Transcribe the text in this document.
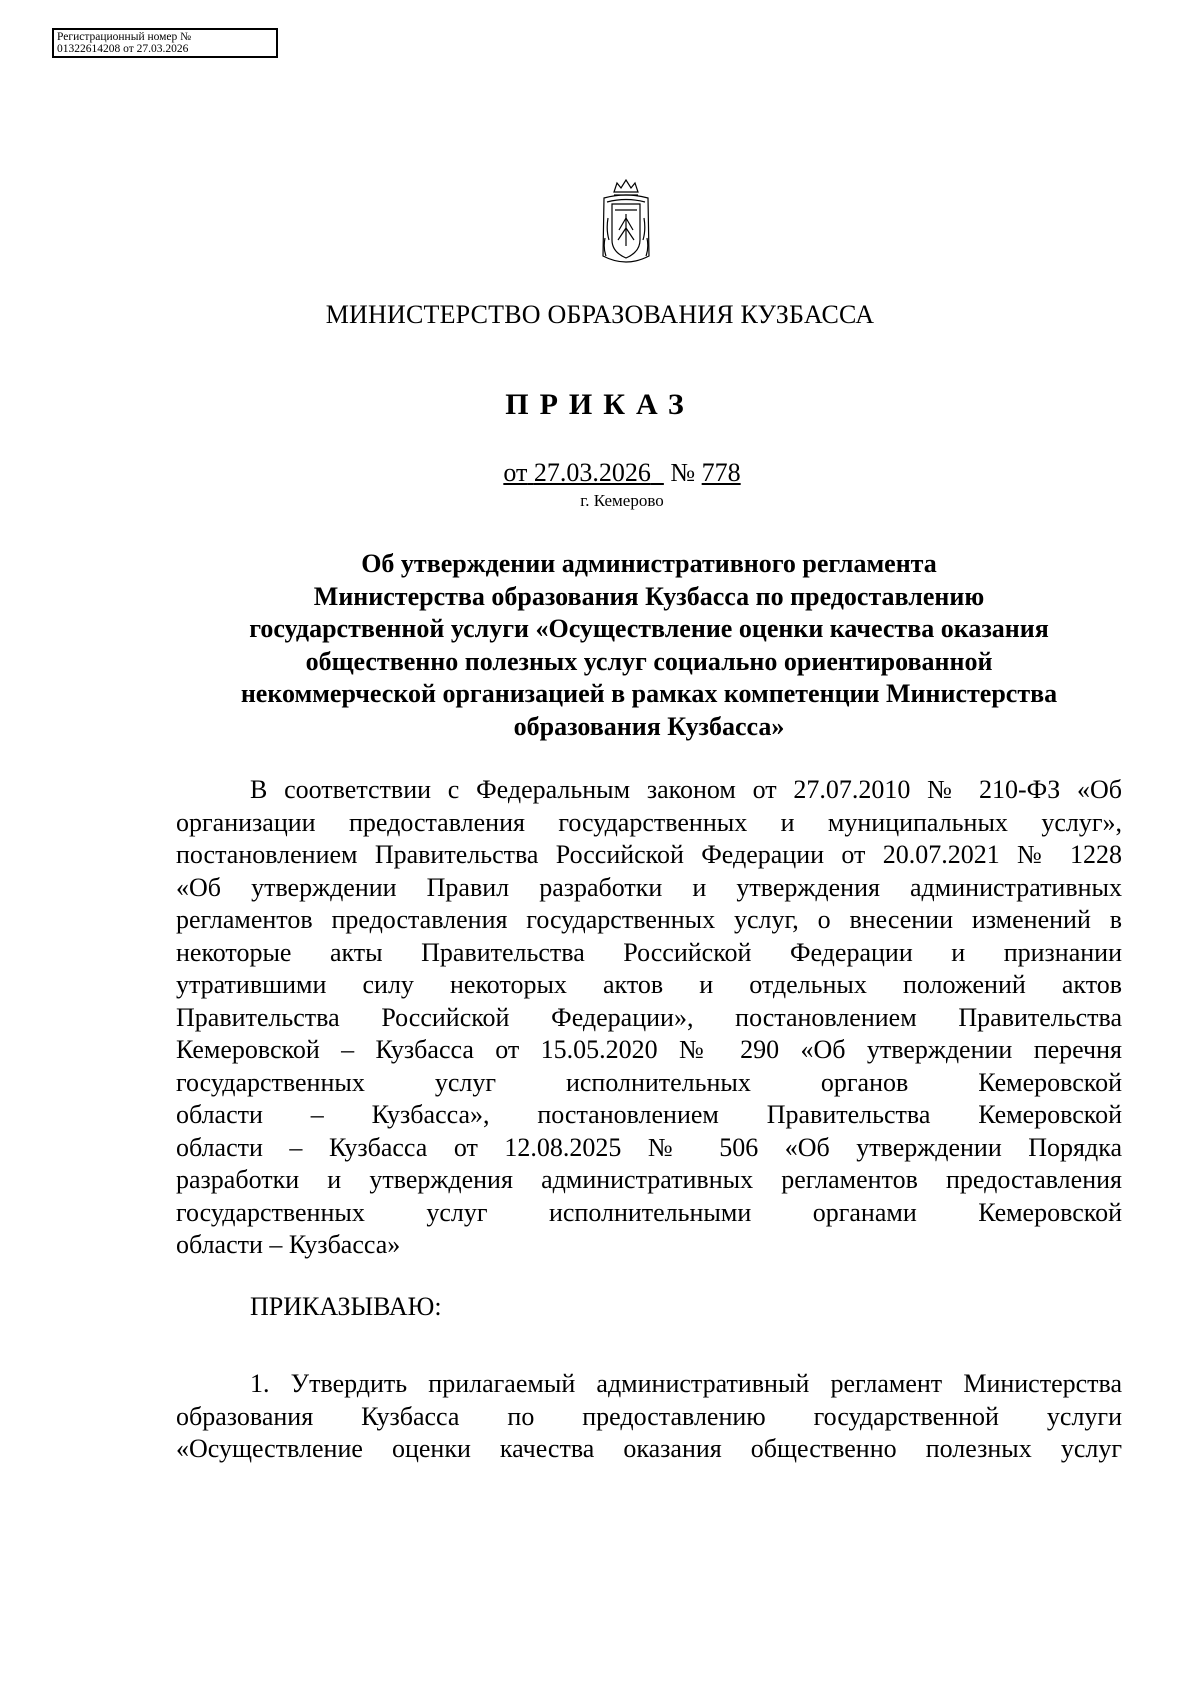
Регистрационный номер №
01322614208 от 27.03.2026
МИНИСТЕРСТВО ОБРАЗОВАНИЯ КУЗБАССА
ПРИКАЗ
от 27.03.2026 № 778
г. Кемерово
Об утверждении административного регламента
Министерства образования Кузбасса по предоставлению
государственной услуги «Осуществление оценки качества оказания
общественно полезных услуг социально ориентированной
некоммерческой организацией в рамках компетенции Министерства
образования Кузбасса»
В соответствии с Федеральным законом от 27.07.2010 № 210-ФЗ «Об
организации предоставления государственных и муниципальных услуг»,
постановлением Правительства Российской Федерации от 20.07.2021 № 1228
«Об утверждении Правил разработки и утверждения административных
регламентов предоставления государственных услуг, о внесении изменений в
некоторые акты Правительства Российской Федерации и признании
утратившими силу некоторых актов и отдельных положений актов
Правительства Российской Федерации», постановлением Правительства
Кемеровской – Кузбасса от 15.05.2020 № 290 «Об утверждении перечня
государственных услуг исполнительных органов Кемеровской
области – Кузбасса», постановлением Правительства Кемеровской
области – Кузбасса от 12.08.2025 № 506 «Об утверждении Порядка
разработки и утверждения административных регламентов предоставления
государственных услуг исполнительными органами Кемеровской
области – Кузбасса»
ПРИКАЗЫВАЮ:
1. Утвердить прилагаемый административный регламент Министерства
образования Кузбасса по предоставлению государственной услуги
«Осуществление оценки качества оказания общественно полезных услуг
